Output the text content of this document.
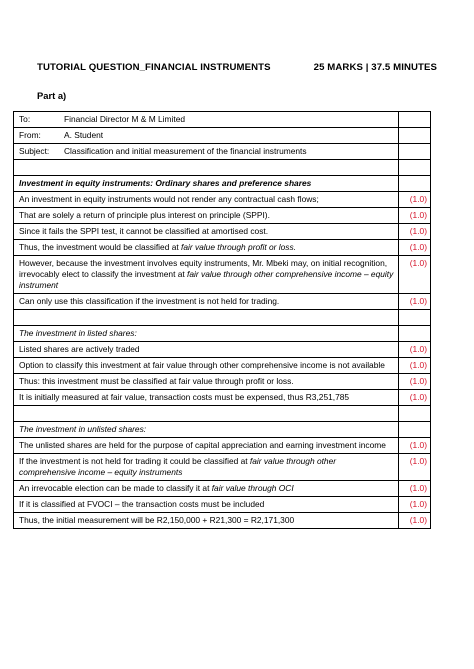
TUTORIAL QUESTION_FINANCIAL INSTRUMENTS	25 MARKS | 37.5 MINUTES
Part a)
To: Financial Director M & M Limited	

From: A. Student	

Subject: Classification and initial measurement of the financial instruments	

Investment in equity instruments: Ordinary shares and preference shares	
An investment in equity instruments would not render any contractual cash flows;	(1.0)
That are solely a return of principle plus interest on principle (SPPI).	(1.0)
Since it fails the SPPI test, it cannot be classified at amortised cost.	(1.0)
Thus, the investment would be classified at fair value through profit or loss.	(1.0)
However, because the investment involves equity instruments, Mr. Mbeki may, on initial recognition, irrevocably elect to classify the investment at fair value through other comprehensive income – equity instrument	(1.0)
Can only use this classification if the investment is not held for trading.	(1.0)

The investment in listed shares:	
Listed shares are actively traded	(1.0)
Option to classify this investment at fair value through other comprehensive income is not available	(1.0)
Thus: this investment must be classified at fair value through profit or loss.	(1.0)
It is initially measured at fair value, transaction costs must be expensed, thus R3,251,785	(1.0)

The investment in unlisted shares:	
The unlisted shares are held for the purpose of capital appreciation and earning investment income	(1.0)
If the investment is not held for trading it could be classified at fair value through other comprehensive income – equity instruments	(1.0)
An irrevocable election can be made to classify it at fair value through OCI	(1.0)
If it is classified at FVOCI – the transaction costs must be included	(1.0)
Thus, the initial measurement will be R2,150,000 + R21,300 = R2,171,300	(1.0)
